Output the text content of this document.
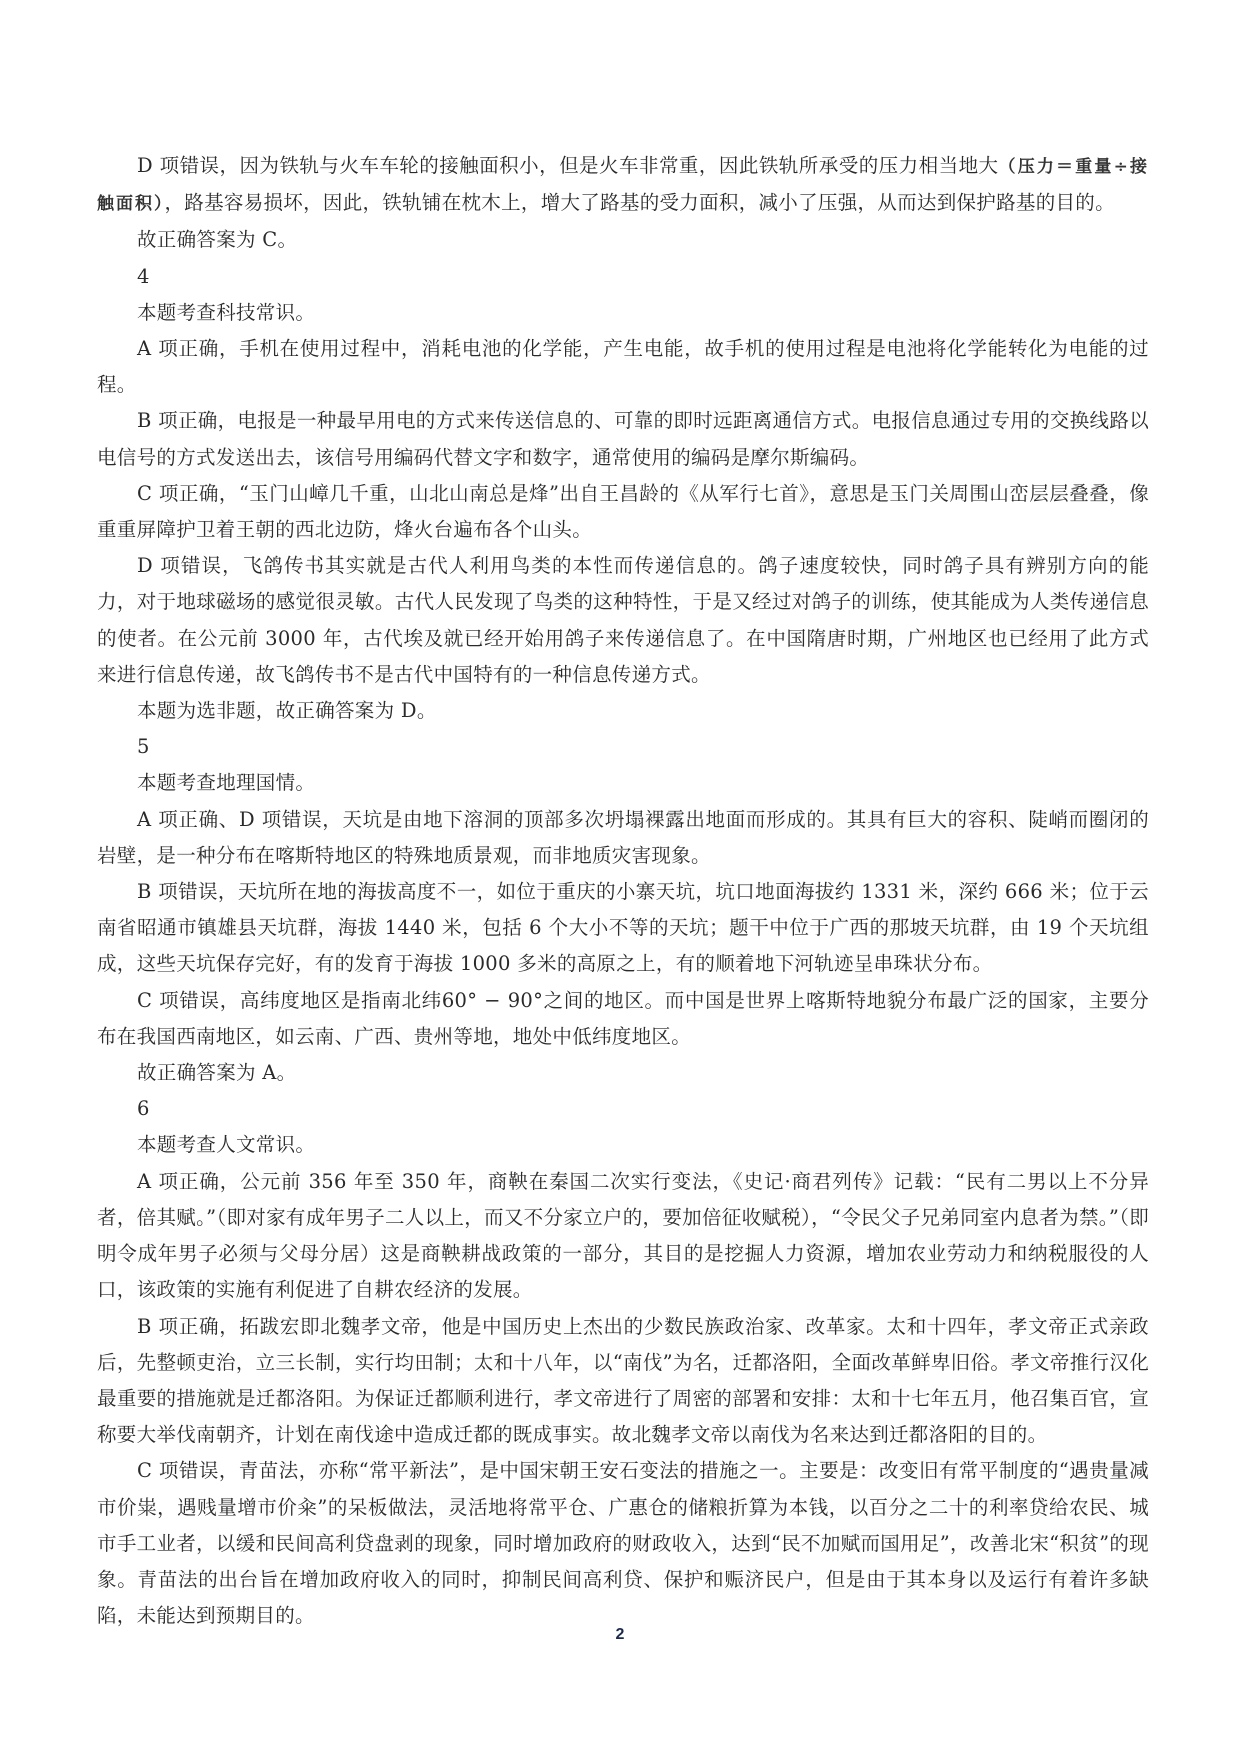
D 项错误，因为铁轨与火车车轮的接触面积小，但是火车非常重，因此铁轨所承受的压力相当地大（压力＝重量÷接触面积），路基容易损坏，因此，铁轨铺在枕木上，增大了路基的受力面积，减小了压强，从而达到保护路基的目的。

故正确答案为 C。

4

本题考查科技常识。

A 项正确，手机在使用过程中，消耗电池的化学能，产生电能，故手机的使用过程是电池将化学能转化为电能的过程。

B 项正确，电报是一种最早用电的方式来传送信息的、可靠的即时远距离通信方式。电报信息通过专用的交换线路以电信号的方式发送出去，该信号用编码代替文字和数字，通常使用的编码是摩尔斯编码。

C 项正确，“玉门山嶂几千重，山北山南总是烽”出自王昌龄的《从军行七首》，意思是玉门关周围山峦层层叠叠，像重重屏障护卫着王朝的西北边防，烽火台遍布各个山头。

D 项错误，飞鸽传书其实就是古代人利用鸟类的本性而传递信息的。鸽子速度较快，同时鸽子具有辨别方向的能力，对于地球磁场的感觉很灵敏。古代人民发现了鸟类的这种特性，于是又经过对鸽子的训练，使其能成为人类传递信息的使者。在公元前 3000 年，古代埃及就已经开始用鸽子来传递信息了。在中国隋唐时期，广州地区也已经用了此方式来进行信息传递，故飞鸽传书不是古代中国特有的一种信息传递方式。

本题为选非题，故正确答案为 D。

5

本题考查地理国情。

A 项正确、D 项错误，天坑是由地下溶洞的顶部多次坍塌裸露出地面而形成的。其具有巨大的容积、陡峭而圈闭的岩壁，是一种分布在喀斯特地区的特殊地质景观，而非地质灾害现象。

B 项错误，天坑所在地的海拔高度不一，如位于重庆的小寨天坑，坑口地面海拔约 1331 米，深约 666 米；位于云南省昭通市镇雄县天坑群，海拔 1440 米，包括 6 个大小不等的天坑；题干中位于广西的那坡天坑群，由 19 个天坑组成，这些天坑保存完好，有的发育于海拔 1000 多米的高原之上，有的顺着地下河轨迹呈串珠状分布。

C 项错误，高纬度地区是指南北纬60° − 90°之间的地区。而中国是世界上喀斯特地貌分布最广泛的国家，主要分布在我国西南地区，如云南、广西、贵州等地，地处中低纬度地区。

故正确答案为 A。

6

本题考查人文常识。

A 项正确，公元前 356 年至 350 年，商鞅在秦国二次实行变法，《史记·商君列传》记载：“民有二男以上不分异者，倍其赋。”（即对家有成年男子二人以上，而又不分家立户的，要加倍征收赋税），“令民父子兄弟同室内息者为禁。”（即明令成年男子必须与父母分居）这是商鞅耕战政策的一部分，其目的是挖掘人力资源，增加农业劳动力和纳税服役的人口，该政策的实施有利促进了自耕农经济的发展。

B 项正确，拓跋宏即北魏孝文帝，他是中国历史上杰出的少数民族政治家、改革家。太和十四年，孝文帝正式亲政后，先整顿吏治，立三长制，实行均田制；太和十八年，以“南伐”为名，迁都洛阳，全面改革鲜卑旧俗。孝文帝推行汉化最重要的措施就是迁都洛阳。为保证迁都顺利进行，孝文帝进行了周密的部署和安排：太和十七年五月，他召集百官，宣称要大举伐南朝齐，计划在南伐途中造成迁都的既成事实。故北魏孝文帝以南伐为名来达到迁都洛阳的目的。

C 项错误，青苗法，亦称“常平新法”，是中国宋朝王安石变法的措施之一。主要是：改变旧有常平制度的“遇贵量减市价粜，遇贱量增市价籴”的呆板做法，灵活地将常平仓、广惠仓的储粮折算为本钱，以百分之二十的利率贷给农民、城市手工业者，以缓和民间高利贷盘剥的现象，同时增加政府的财政收入，达到“民不加赋而国用足”，改善北宋“积贫”的现象。青苗法的出台旨在增加政府收入的同时，抑制民间高利贷、保护和赈济民户，但是由于其本身以及运行有着许多缺陷，未能达到预期目的。

2
